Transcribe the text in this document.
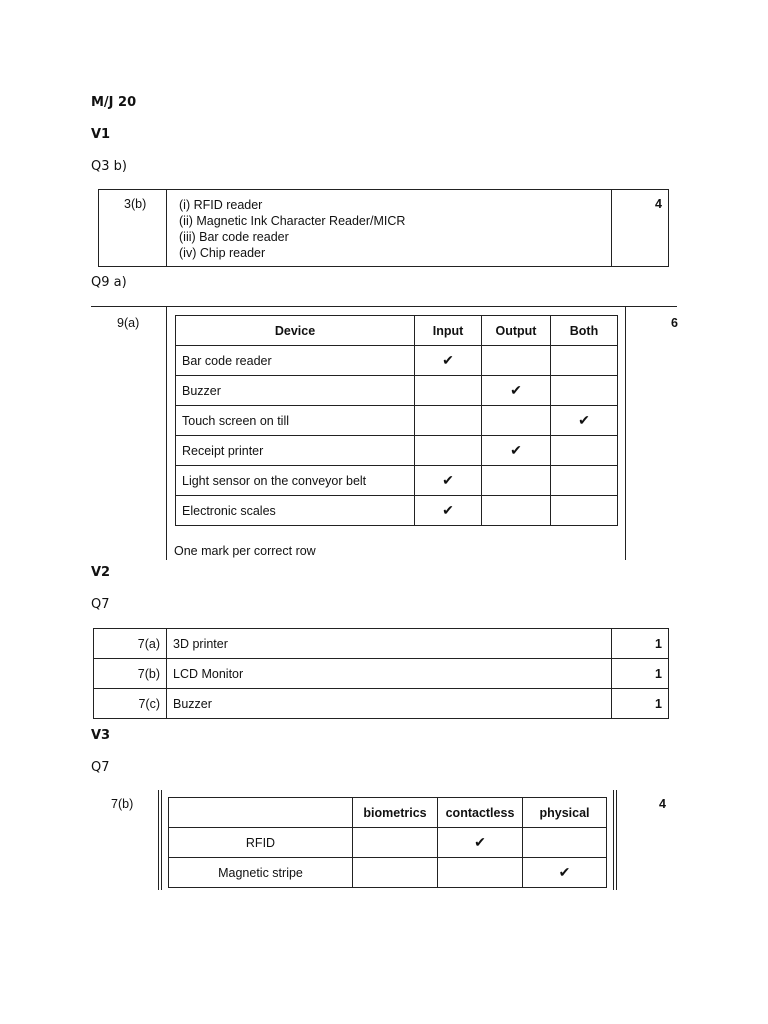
M/J 20
V1
Q3 b)
3(b)	(i) RFID reader
(ii) Magnetic Ink Character Reader/MICR
(iii) Bar code reader
(iv) Chip reader
4
Q9 a)
9(a)	6
Device	Input	Output	Both
Bar code reader	✔		
Buzzer		✔	
Touch screen on till			✔
Receipt printer		✔	
Light sensor on the conveyor belt	✔		
Electronic scales	✔		
One mark per correct row
V2
Q7
7(a)	3D printer	1
7(b)	LCD Monitor	1
7(c)	Buzzer	1
V3
Q7
7(b)	4
	biometrics	contactless	physical
RFID		✔	
Magnetic stripe			✔
